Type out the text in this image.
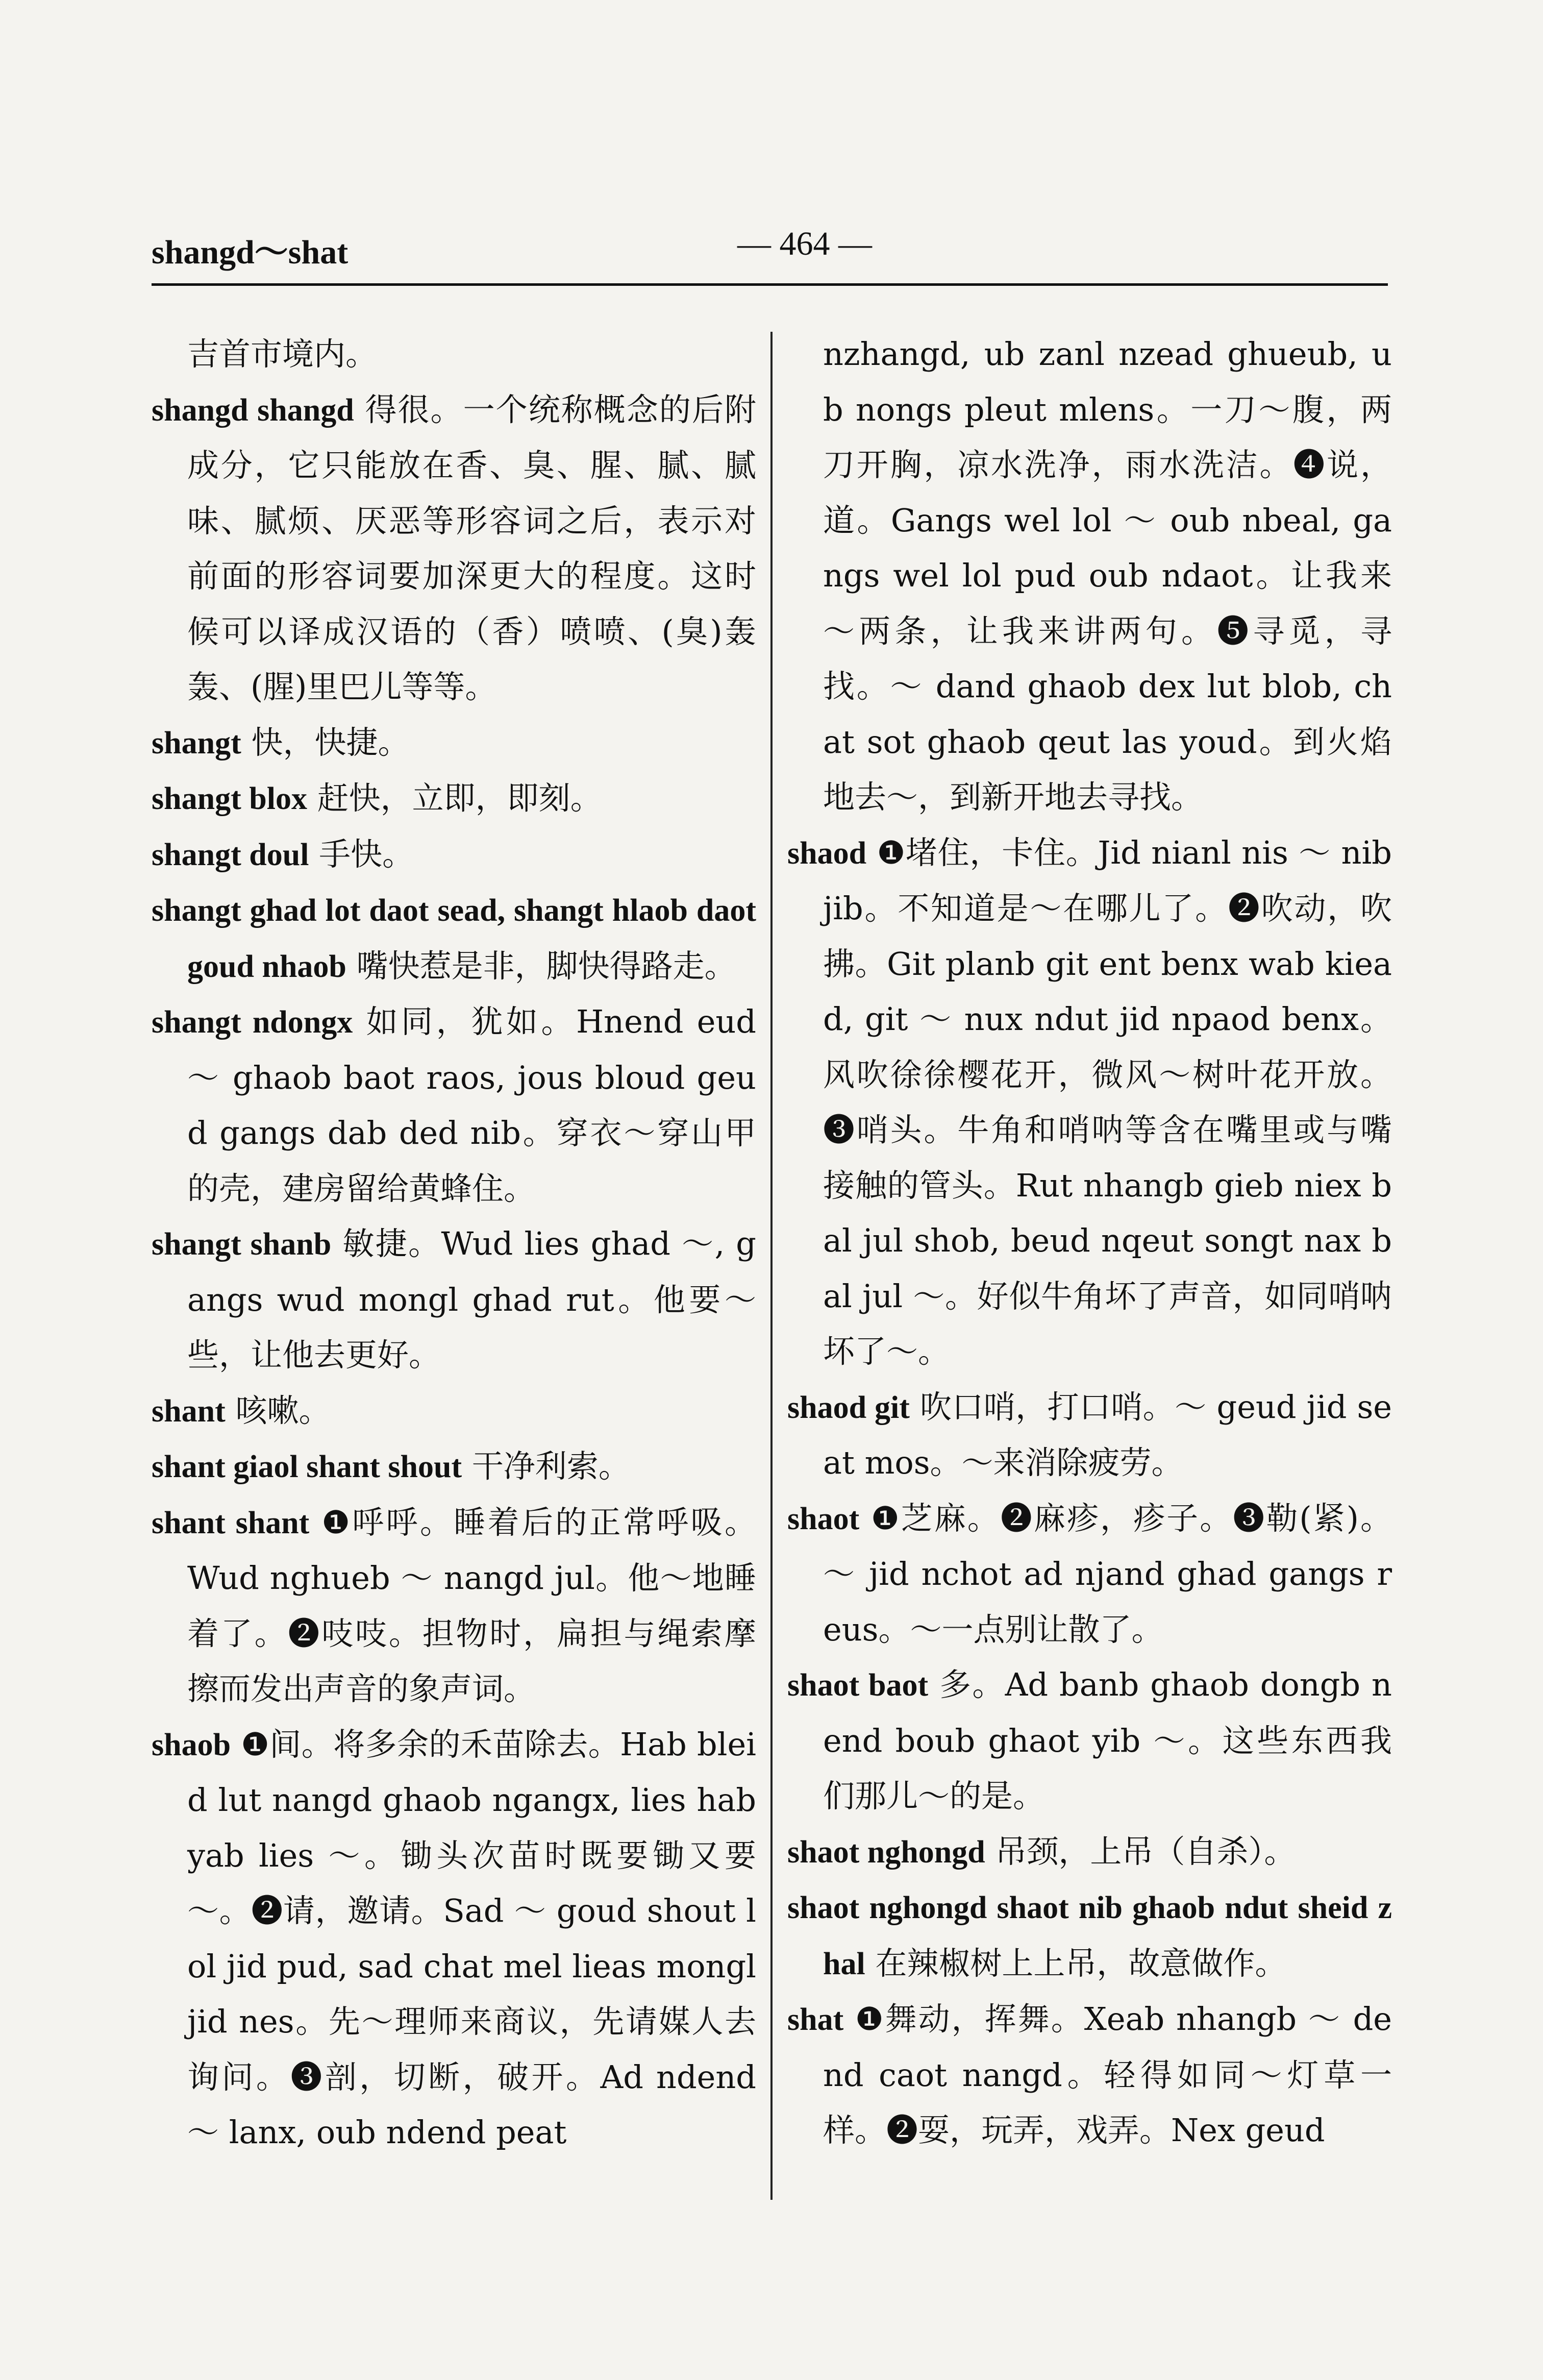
shangd～shat	— 464 —

吉首市境内。

shangd shangd 得很。一个统称概念的后附成分，它只能放在香、臭、腥、腻、腻味、腻烦、厌恶等形容词之后，表示对前面的形容词要加深更大的程度。这时候可以译成汉语的（香）喷喷、(臭)轰轰、(腥)里巴儿等等。

shangt 快，快捷。

shangt blox 赶快，立即，即刻。

shangt doul 手快。

shangt ghad lot daot sead, shangt hlaob daot goud nhaob 嘴快惹是非，脚快得路走。

shangt ndongx 如同，犹如。Hnend eud ～ ghaob baot raos, jous bloud geud gangs dab ded nib。穿衣～穿山甲的壳，建房留给黄蜂住。

shangt shanb 敏捷。Wud lies ghad ～, gangs wud mongl ghad rut。他要～些，让他去更好。

shant 咳嗽。

shant giaol shant shout 干净利索。

shant shant ❶呼呼。睡着后的正常呼吸。Wud nghueb ～ nangd jul。他～地睡着了。❷吱吱。担物时，扁担与绳索摩擦而发出声音的象声词。

shaob ❶间。将多余的禾苗除去。Hab bleid lut nangd ghaob ngangx, lies hab yab lies ～。锄头次苗时既要锄又要～。❷请，邀请。Sad ～ goud shout lol jid pud, sad chat mel lieas mongl jid nes。先～理师来商议，先请媒人去询问。❸剖，切断，破开。Ad ndend ～ lanx, oub ndend peat

nzhangd, ub zanl nzead ghueub, ub nongs pleut mlens。一刀～腹，两刀开胸，凉水洗净，雨水洗洁。❹说，道。Gangs wel lol ～ oub nbeal, gangs wel lol pud oub ndaot。让我来～两条，让我来讲两句。❺寻觅，寻找。～ dand ghaob dex lut blob, chat sot ghaob qeut las youd。到火焰地去～，到新开地去寻找。

shaod ❶堵住，卡住。Jid nianl nis ～ nib jib。不知道是～在哪儿了。❷吹动，吹拂。Git planb git ent benx wab kiead, git ～ nux ndut jid npaod benx。风吹徐徐樱花开，微风～树叶花开放。❸哨头。牛角和哨呐等含在嘴里或与嘴接触的管头。Rut nhangb gieb niex bal jul shob, beud nqeut songt nax bal jul ～。好似牛角坏了声音，如同哨呐坏了～。

shaod git 吹口哨，打口哨。～ geud jid seat mos。～来消除疲劳。

shaot ❶芝麻。❷麻疹，疹子。❸勒(紧)。～ jid nchot ad njand ghad gangs reus。～一点别让散了。

shaot baot 多。Ad banb ghaob dongb nend boub ghaot yib ～。这些东西我们那儿～的是。

shaot nghongd 吊颈，上吊（自杀）。

shaot nghongd shaot nib ghaob ndut sheid zhal 在辣椒树上上吊，故意做作。

shat ❶舞动，挥舞。Xeab nhangb ～ dend caot nangd。轻得如同～灯草一样。❷耍，玩弄，戏弄。Nex geud
